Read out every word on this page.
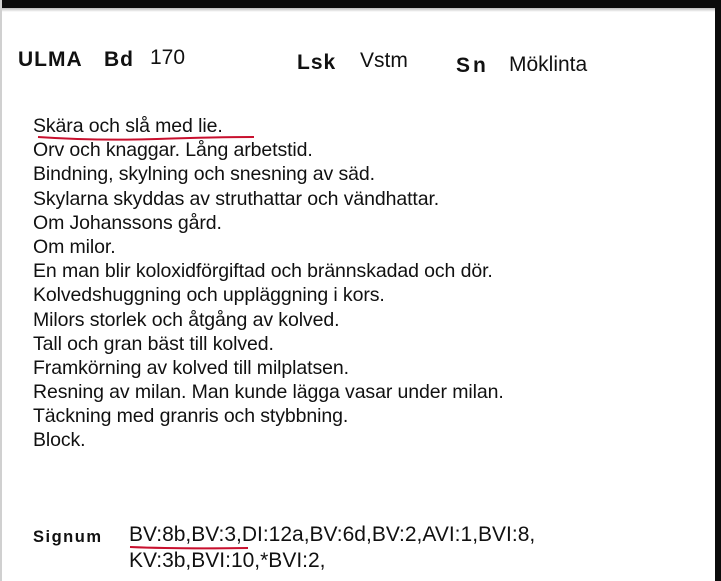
ULMA Bd 170	Lsk Vstm Sn Möklinta
Skära och slå med lie.
Orv och knaggar. Lång arbetstid.
Bindning, skylning och snesning av säd.
Skylarna skyddas av struthattar och vändhattar.
Om Johanssons gård.
Om milor.
En man blir koloxidförgiftad och brännskadad och dör.
Kolvedshuggning och uppläggning i kors.
Milors storlek och åtgång av kolved.
Tall och gran bäst till kolved.
Framkörning av kolved till milplatsen.
Resning av milan. Man kunde lägga vasar under milan.
Täckning med granris och stybbning.
Block.
Signum BV:8b,BV:3,DI:12a,BV:6d,BV:2,AVI:1,BVI:8,
KV:3b,BVI:10,*BVI:2,
